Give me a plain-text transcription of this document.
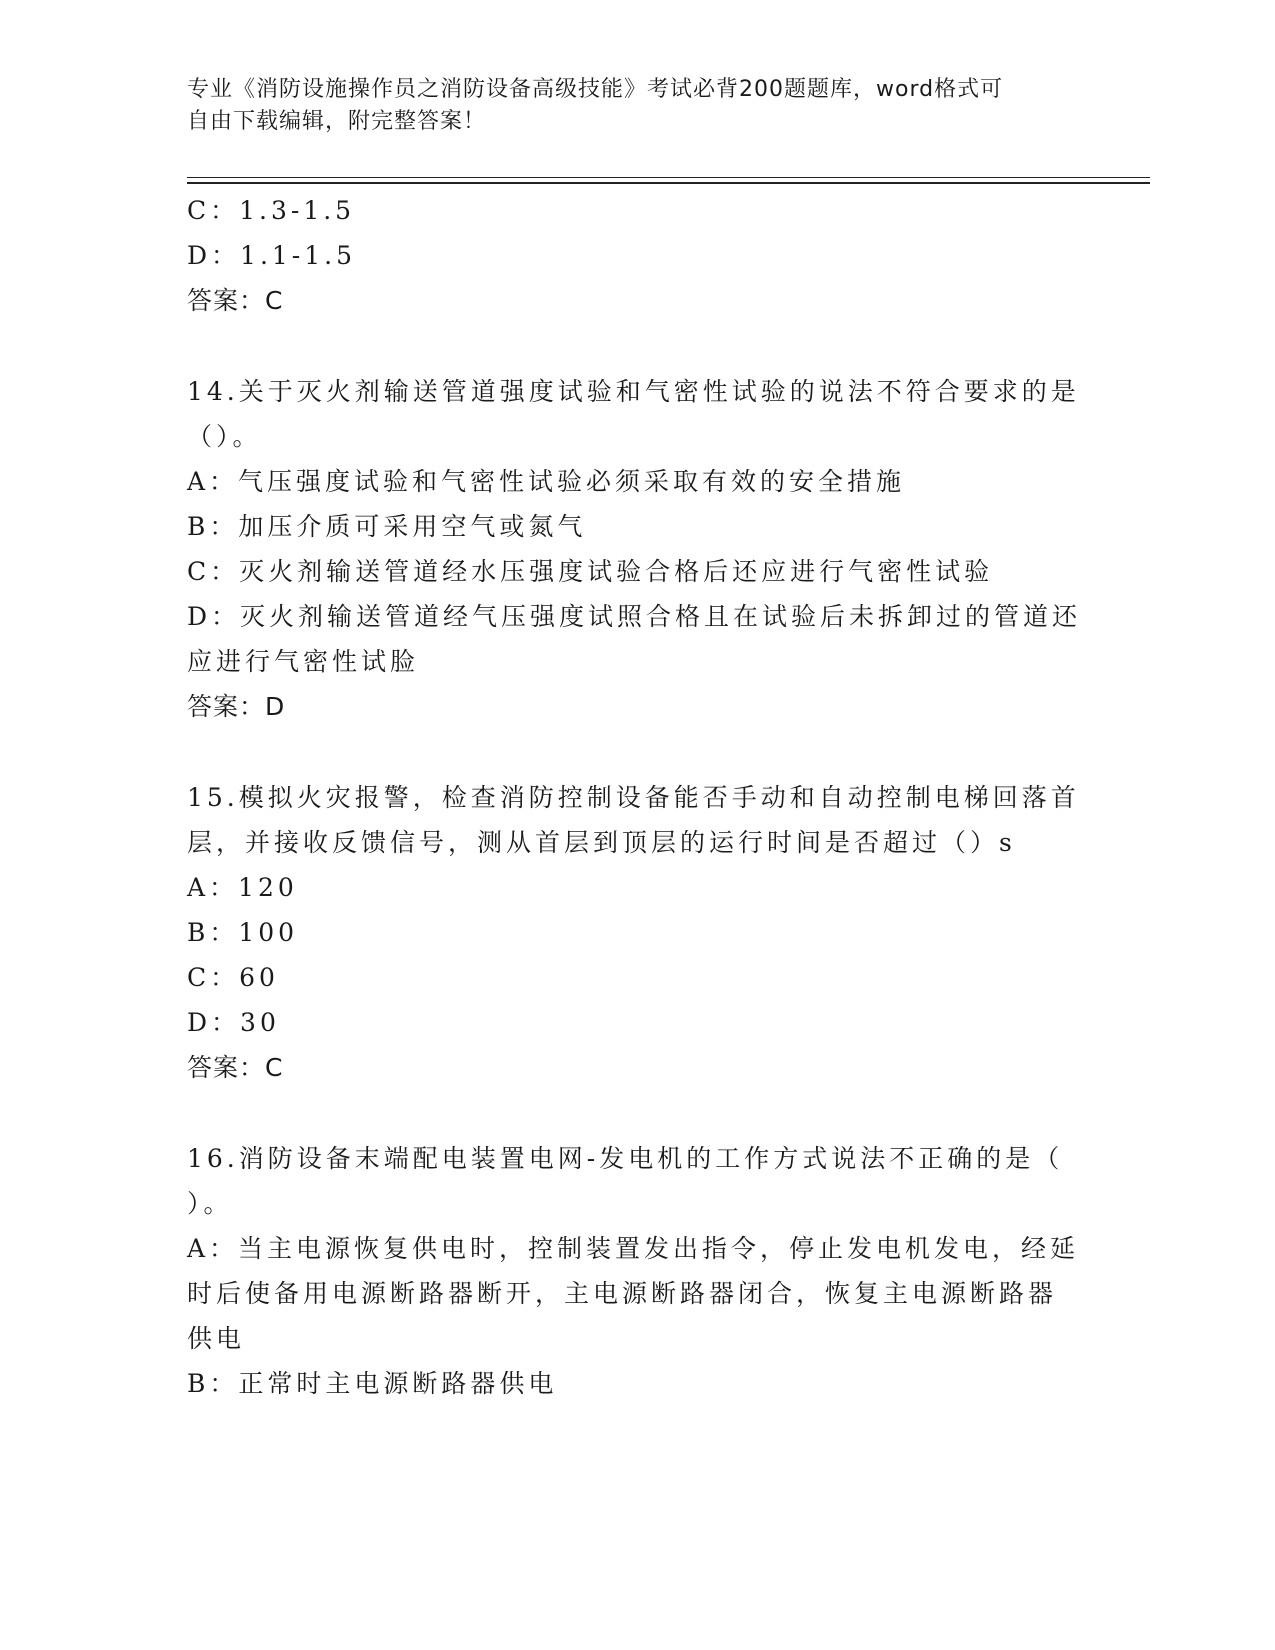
专业《消防设施操作员之消防设备高级技能》考试必背200题题库，word格式可
自由下载编辑，附完整答案！
C：1.3-1.5
D：1.1-1.5
答案：C
14.关于灭火剂输送管道强度试验和气密性试验的说法不符合要求的是
（）。
A：气压强度试验和气密性试验必须采取有效的安全措施
B：加压介质可采用空气或氮气
C：灭火剂输送管道经水压强度试验合格后还应进行气密性试验
D：灭火剂输送管道经气压强度试照合格且在试验后未拆卸过的管道还
应进行气密性试脸
答案：D
15.模拟火灾报警，检查消防控制设备能否手动和自动控制电梯回落首
层，并接收反馈信号，测从首层到顶层的运行时间是否超过（）s
A：120
B：100
C：60
D：30
答案：C
16.消防设备末端配电装置电网-发电机的工作方式说法不正确的是（
）。
A：当主电源恢复供电时，控制装置发出指令，停止发电机发电，经延
时后使备用电源断路器断开，主电源断路器闭合，恢复主电源断路器
供电
B：正常时主电源断路器供电
